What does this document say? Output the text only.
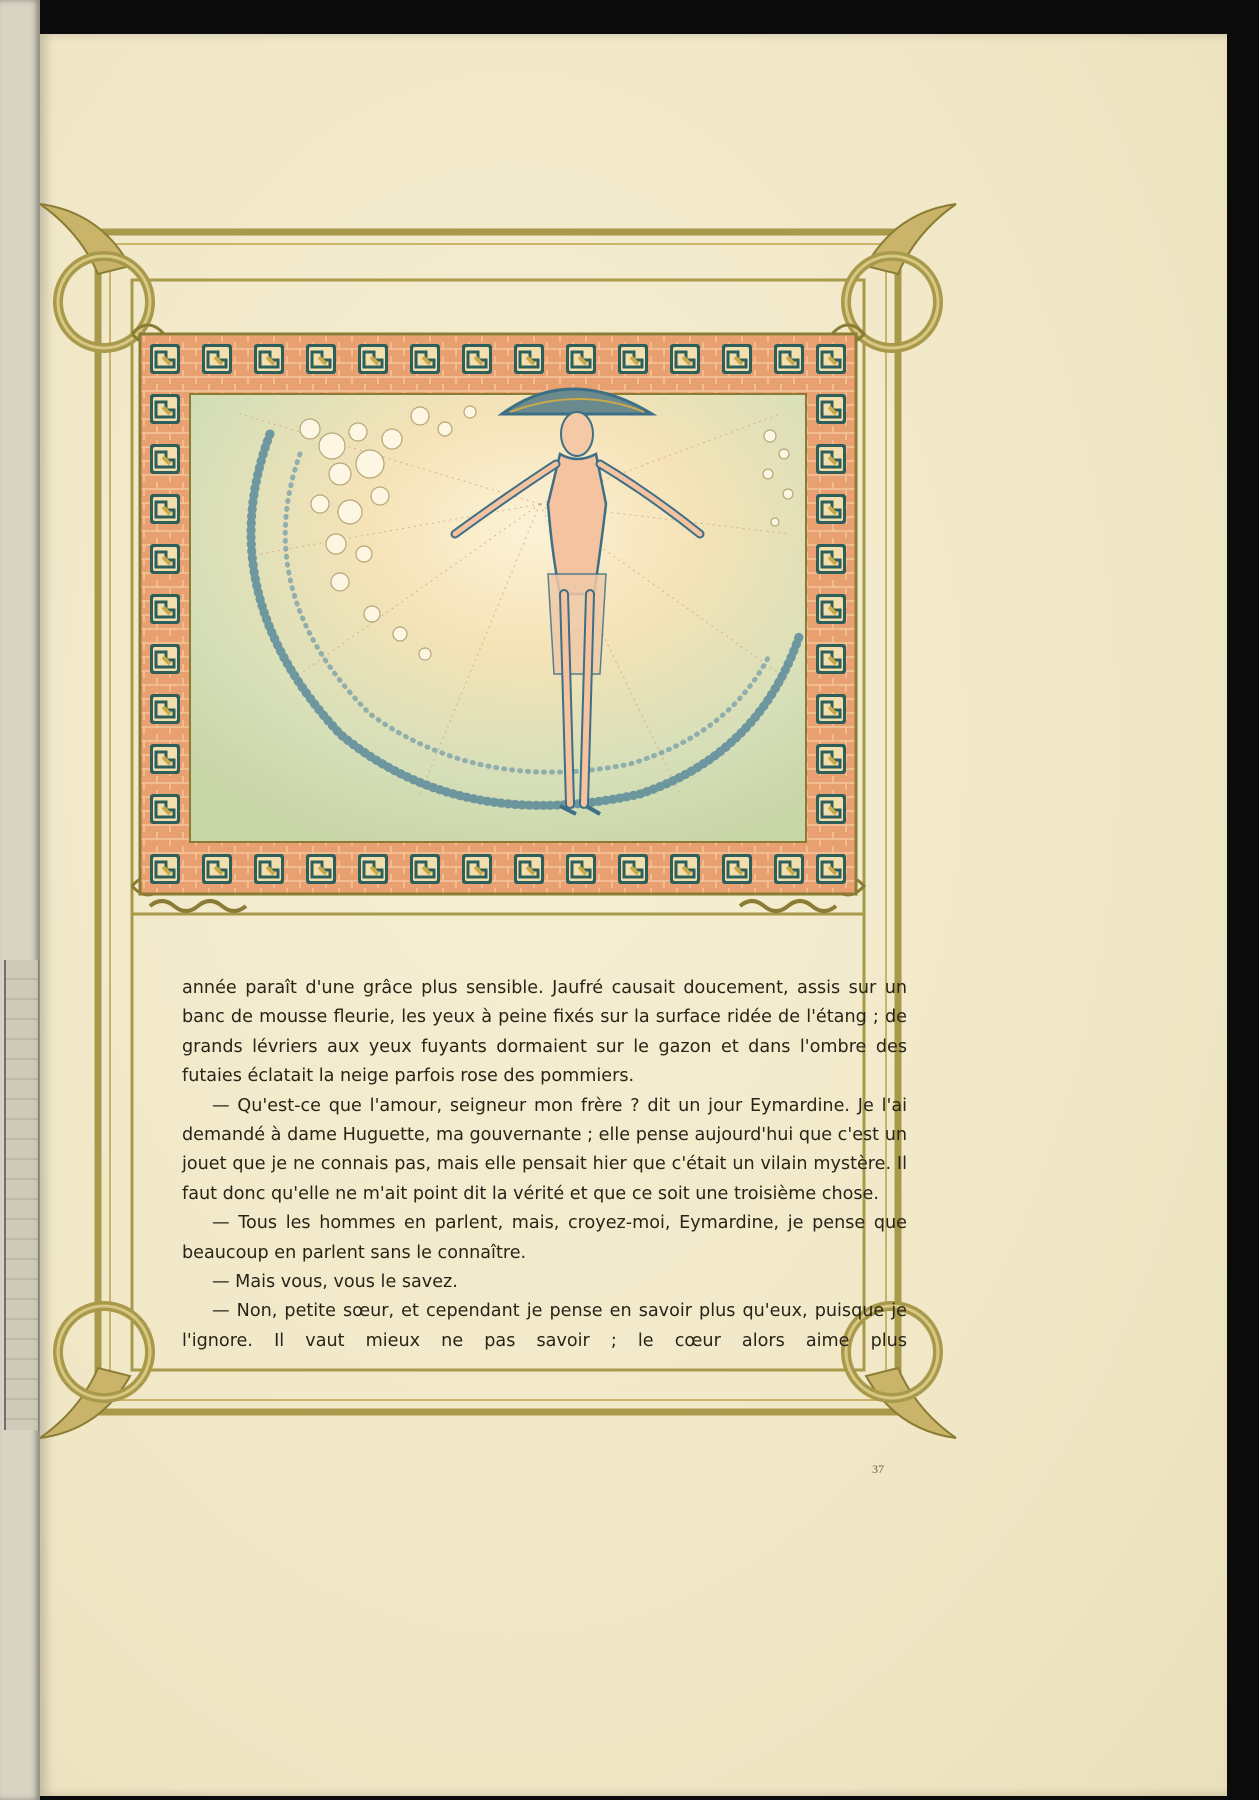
année paraît d'une grâce plus sensible. Jaufré causait doucement, assis sur un banc de mousse fleurie, les yeux à peine fixés sur la surface ridée de l'étang ; de grands lévriers aux yeux fuyants dormaient sur le gazon et dans l'ombre des futaies éclatait la neige parfois rose des pommiers.

— Qu'est-ce que l'amour, seigneur mon frère ? dit un jour Eymardine. Je l'ai demandé à dame Huguette, ma gouvernante ; elle pense aujourd'hui que c'est un jouet que je ne connais pas, mais elle pensait hier que c'était un vilain mystère. Il faut donc qu'elle ne m'ait point dit la vérité et que ce soit une troisième chose.

— Tous les hommes en parlent, mais, croyez-moi, Eymardine, je pense que beaucoup en parlent sans le connaître.

— Mais vous, vous le savez.

— Non, petite sœur, et cependant je pense en savoir plus qu'eux, puisque je l'ignore. Il vaut mieux ne pas savoir ; le cœur alors aime plus

37
